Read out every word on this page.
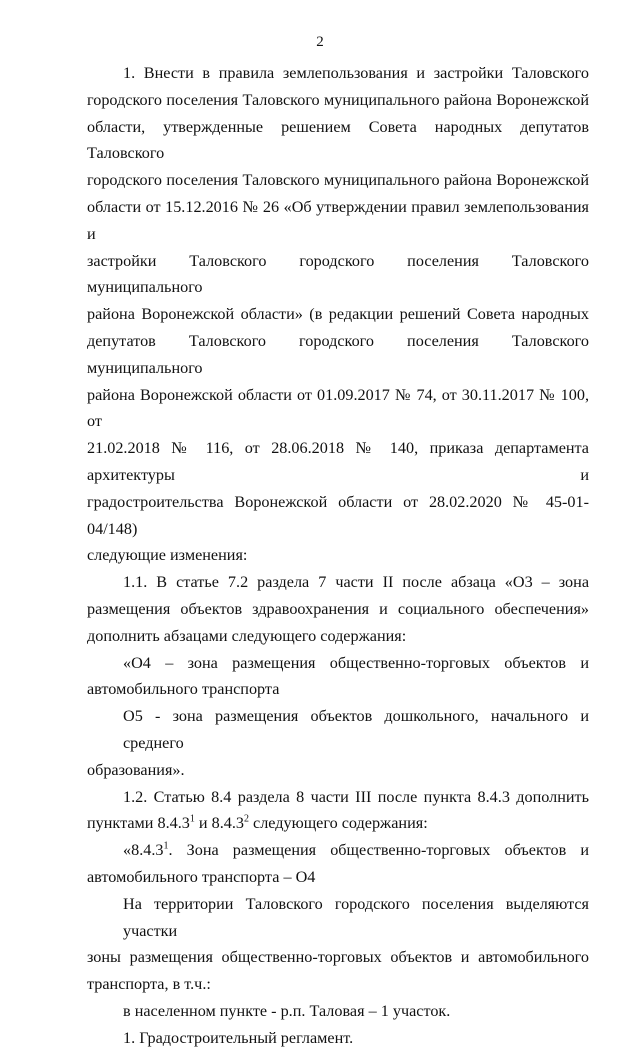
2
1. Внести в правила землепользования и застройки Таловского
городского поселения Таловского муниципального района Воронежской
области, утвержденные решением Совета народных депутатов Таловского
городского поселения Таловского муниципального района Воронежской
области от 15.12.2016 № 26 «Об утверждении правил землепользования и
застройки Таловского городского поселения Таловского муниципального
района Воронежской области» (в редакции решений Совета народных
депутатов Таловского городского поселения Таловского муниципального
района Воронежской области от 01.09.2017 № 74, от 30.11.2017 № 100, от
21.02.2018 № 116, от 28.06.2018 № 140, приказа департамента архитектуры и
градостроительства Воронежской области от 28.02.2020 № 45-01-04/148)
следующие изменения:
1.1. В статье 7.2 раздела 7 части II после абзаца «О3 – зона
размещения объектов здравоохранения и социального обеспечения»
дополнить абзацами следующего содержания:
«О4 – зона размещения общественно-торговых объектов и
автомобильного транспорта
О5 - зона размещения объектов дошкольного, начального и среднего
образования».
1.2. Статью 8.4 раздела 8 части III после пункта 8.4.3 дополнить
пунктами 8.4.3$^1$ и 8.4.3$^2$ следующего содержания:
«8.4.3$^1$. Зона размещения общественно-торговых объектов и
автомобильного транспорта – О4
На территории Таловского городского поселения выделяются участки
зоны размещения общественно-торговых объектов и автомобильного
транспорта, в т.ч.:
в населенном пункте - р.п. Таловая – 1 участок.
1. Градостроительный регламент.
